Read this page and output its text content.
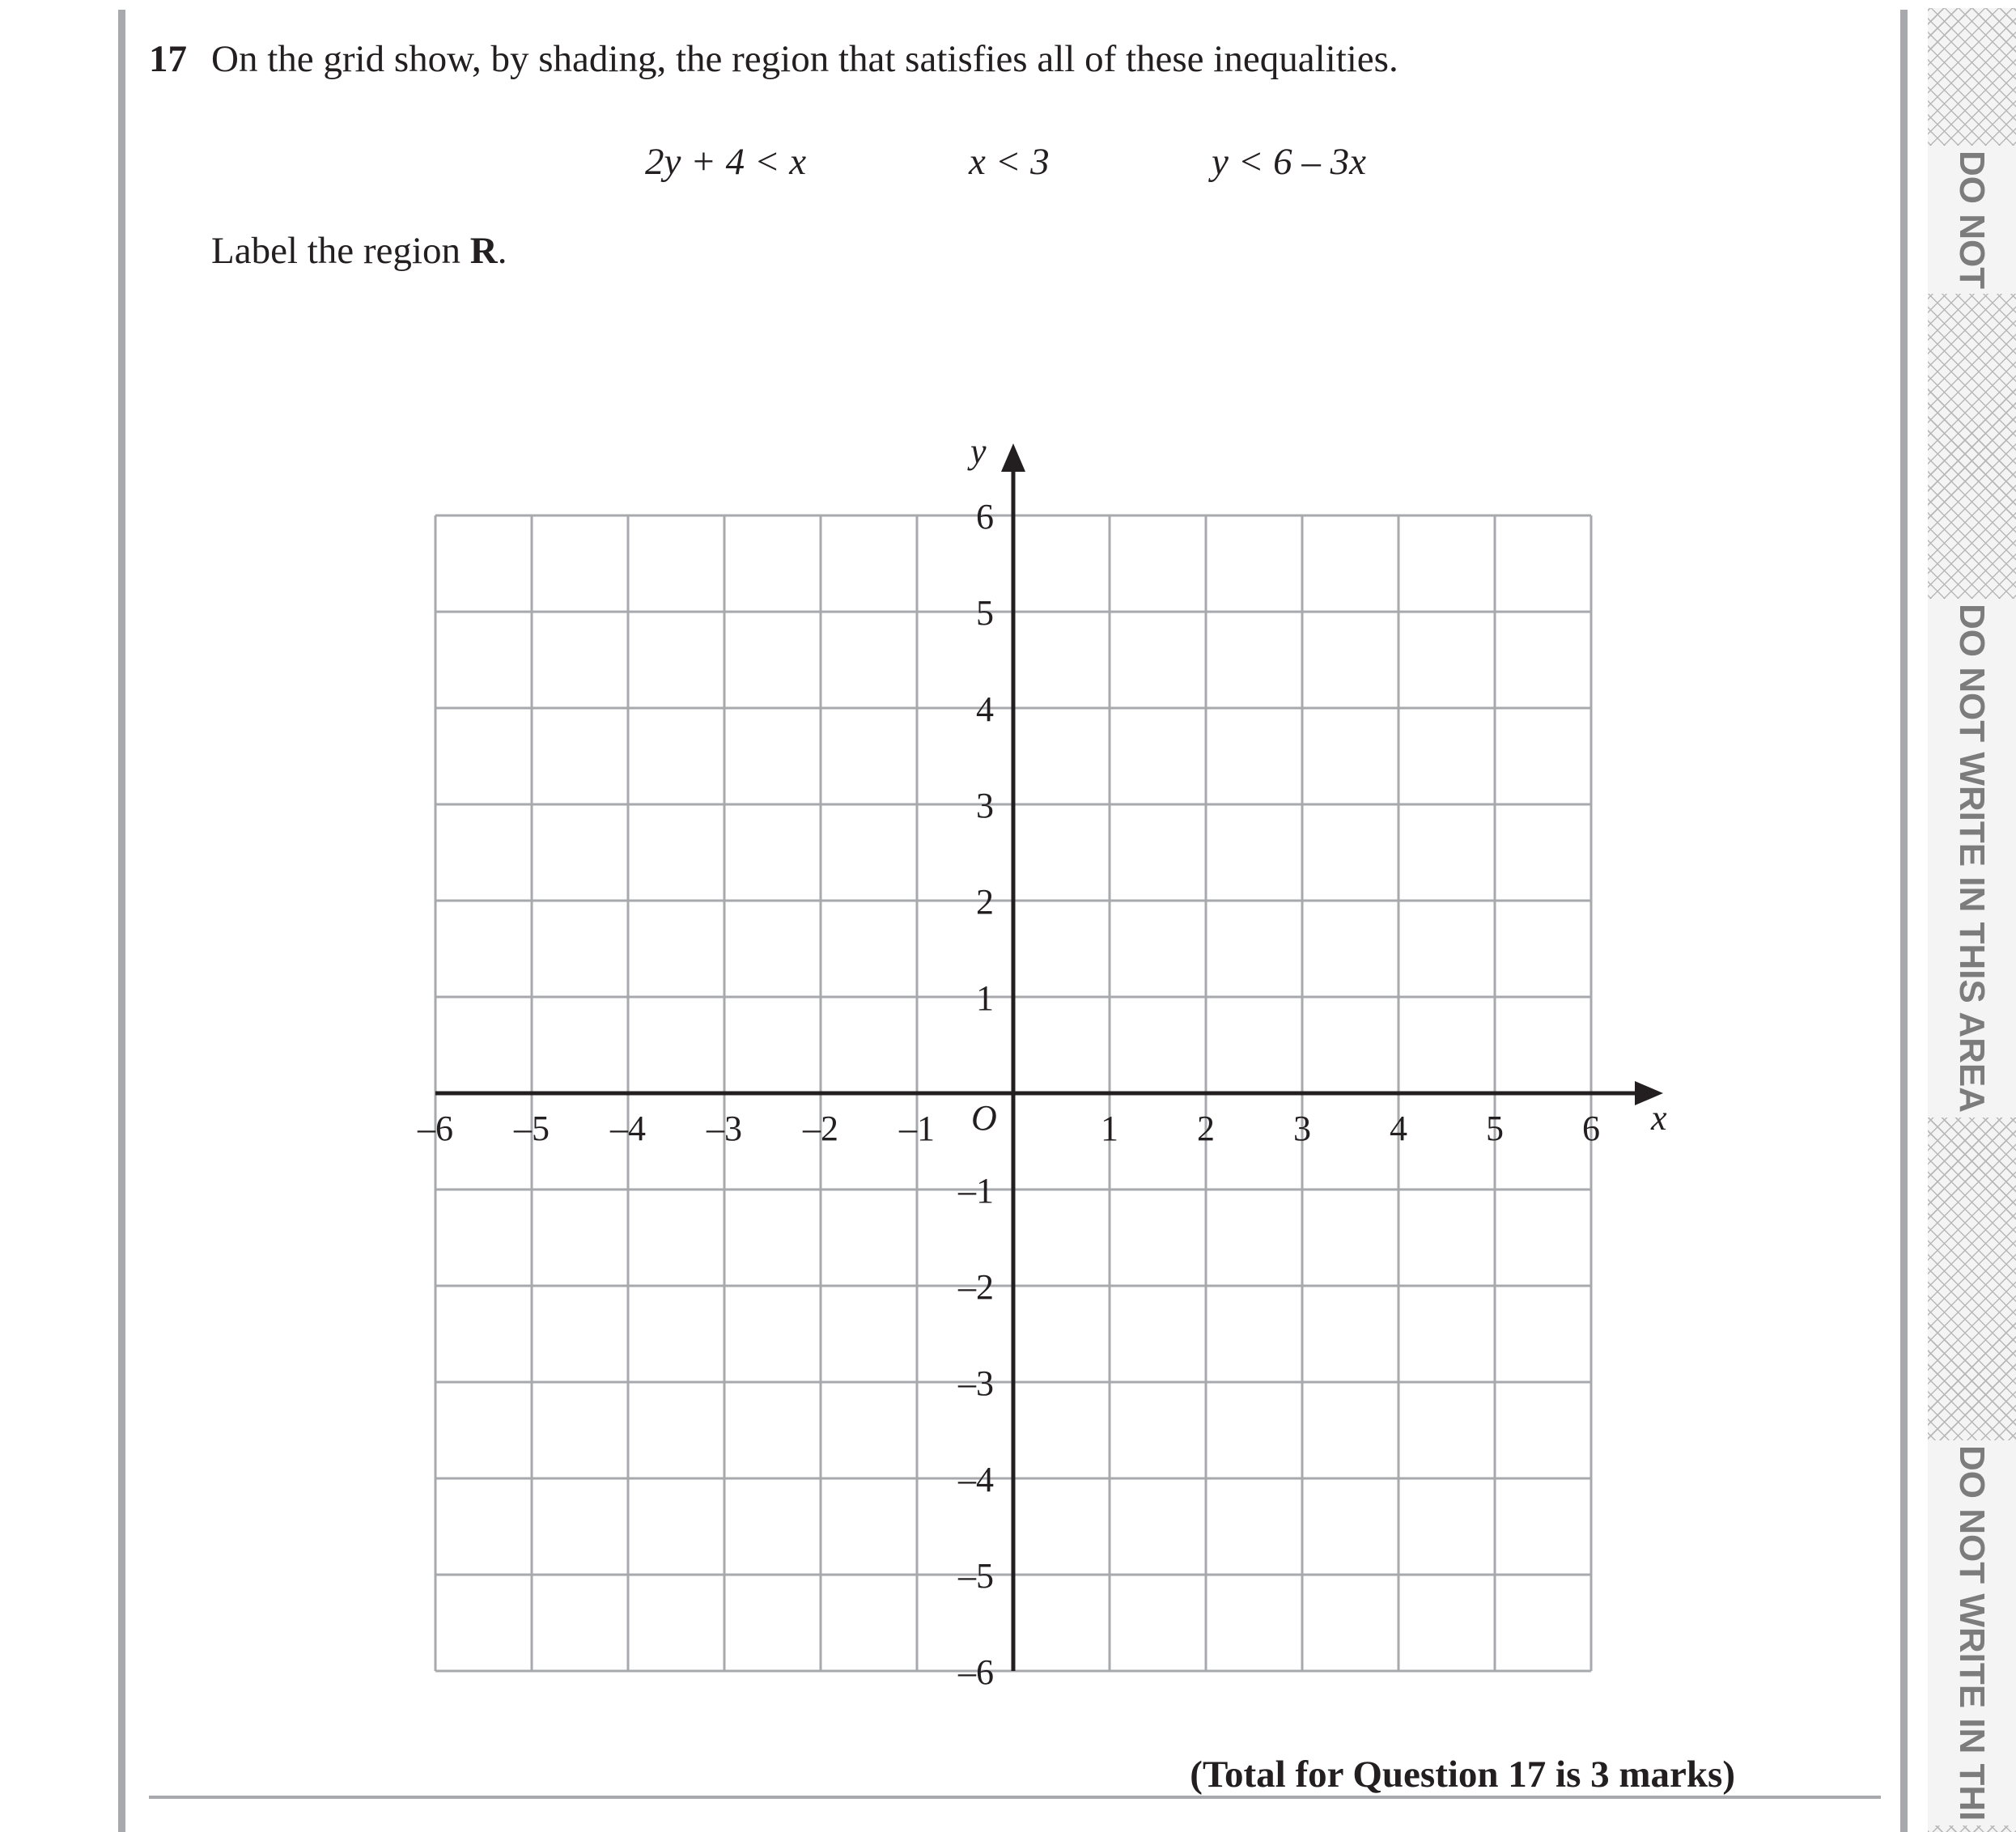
17 On the grid show, by shading, the region that satisfies all of these inequalities.
2y + 4 < x	x < 3	y < 6 – 3x
Label the region R.
–6 –5 –4 –3 –2 –1	1 2 3 4 5 6
6
5
4
3
2
1
–1
–2
–3
–4
–5
–6
x
y
O
(Total for Question 17 is 3 marks)
DO NOT
DO NOT WRITE IN THIS AREA
DO NOT WRITE IN THI
